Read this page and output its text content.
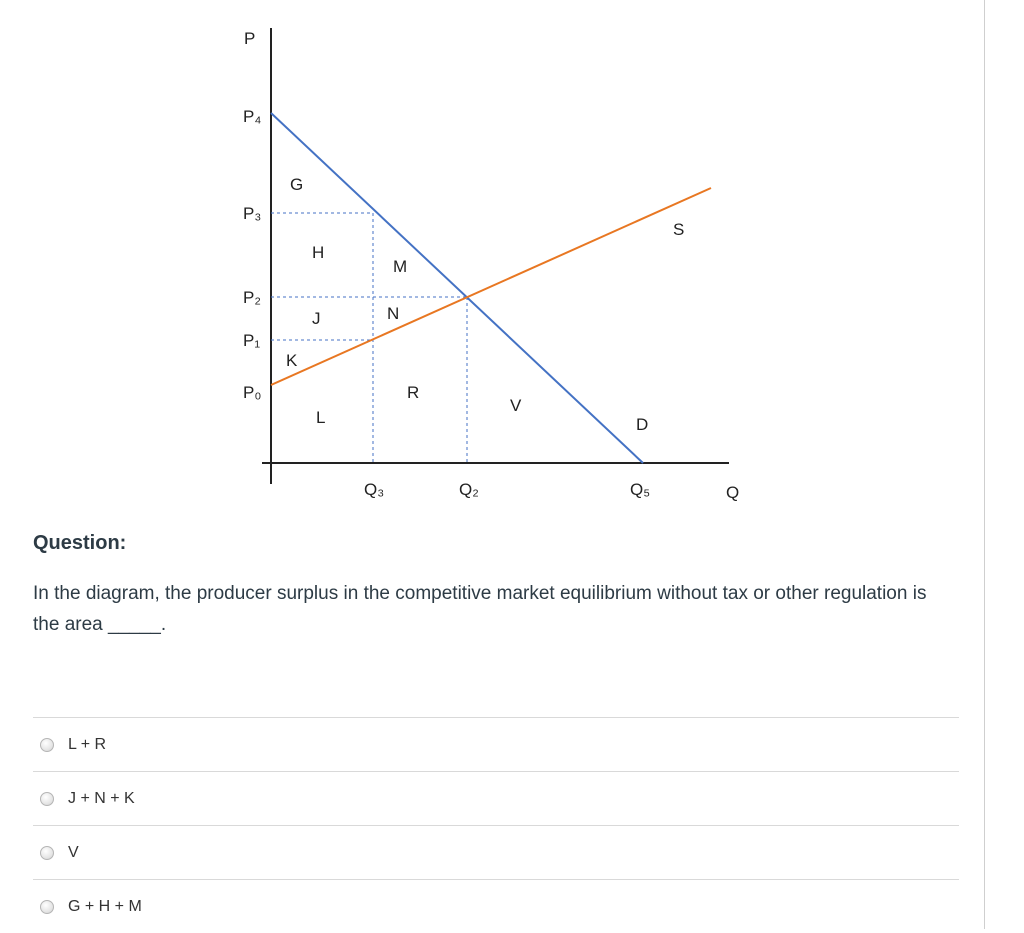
P
Q
P₄
P₃
P₂
P₁
P₀
Q₃	Q₂	Q₅
G
H
M
J	N
K
R
L
V
S
D
Question:
In the diagram, the producer surplus in the competitive market equilibrium without tax or other regulation is the area _____.
L + R
J + N + K
V
G + H + M
